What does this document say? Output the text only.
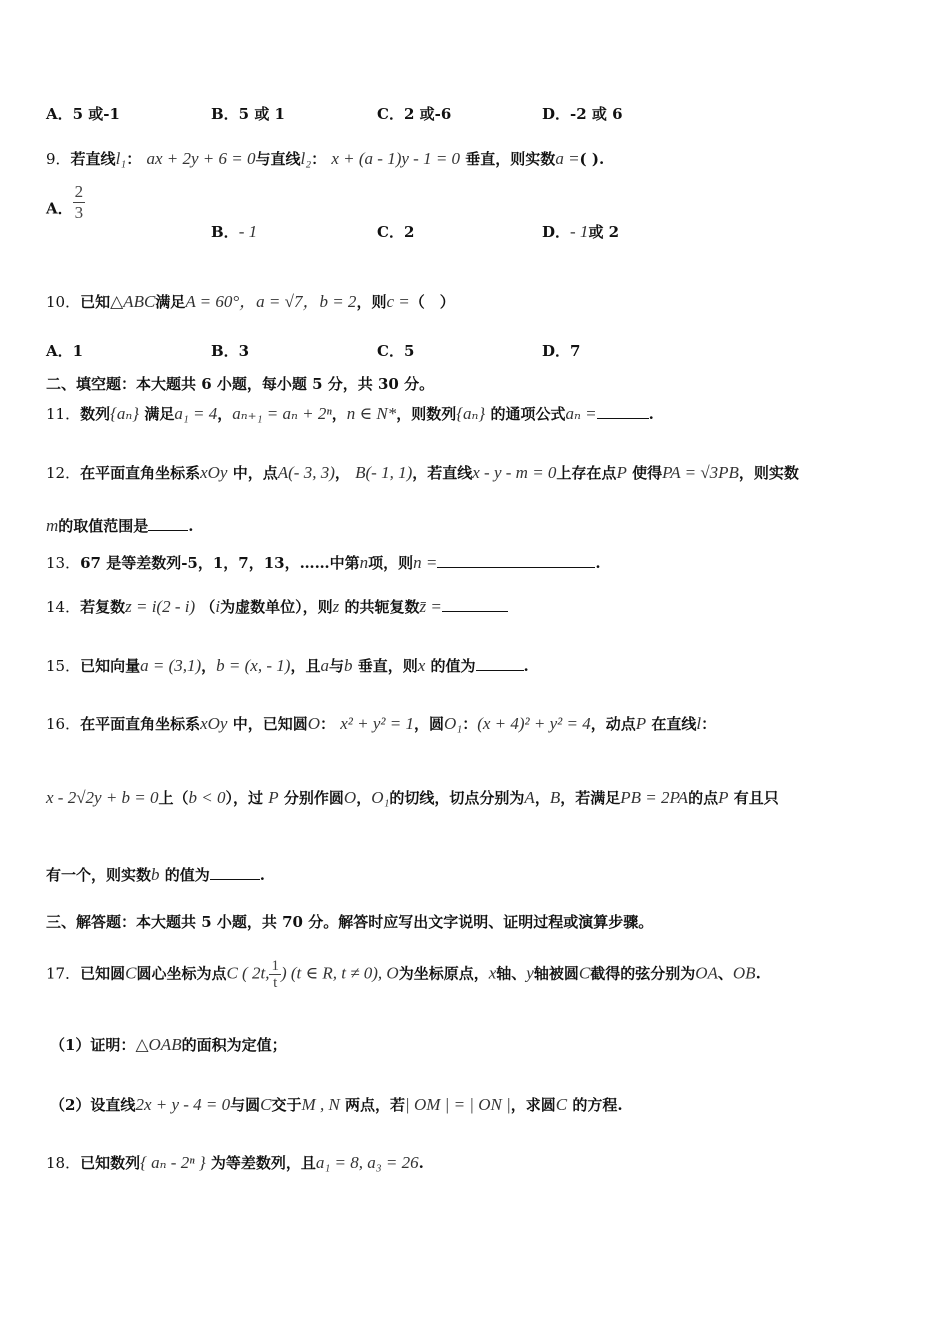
A．5 或-1	B．5 或 1	C．2 或-6	D．-2 或 6
9．若直线l₁： ax + 2y + 6 = 0与直线l₂： x + (a - 1)y - 1 = 0 垂直，则实数a =( ).
A． $\frac{2}{3}$
B．- 1	C．2	D．- 1或 2
10．已知△ABC满足A = 60°，a = √7，b = 2，则c =（　）
A．1	B．3	C．5	D．7
二、填空题：本大题共 6 小题，每小题 5 分，共 30 分。
11．数列{aₙ} 满足a₁ = 4，aₙ₊₁ = aₙ + 2ⁿ，n ∈ N*，则数列{aₙ} 的通项公式aₙ =	.
12．在平面直角坐标系xOy 中，点A(- 3, 3)， B(- 1, 1)，若直线x - y - m = 0上存在点P 使得PA = √3PB，则实数
m的取值范围是	.
13．67 是等差数列-5，1，7，13，……中第n项，则n =	.
14．若复数z = i(2 - i) （i为虚数单位），则z 的共轭复数z̄ =
15．已知向量a = (3,1)，b = (x, - 1)，且a与b 垂直，则x 的值为	.
16．在平面直角坐标系xOy 中，已知圆O： x² + y² = 1，圆O₁：(x + 4)² + y² = 4，动点P 在直线l：
x - 2√2y + b = 0上（b < 0），过 P 分别作圆O，O₁的切线，切点分别为A，B，若满足PB = 2PA的点P 有且只
有一个，则实数b 的值为	.
三、解答题：本大题共 5 小题，共 70 分。解答时应写出文字说明、证明过程或演算步骤。
17．已知圆C圆心坐标为点C ( 2t, $\frac{1}{t}$ ) (t ∈ R, t ≠ 0), O为坐标原点，x轴、y轴被圆C截得的弦分别为OA、OB.
（1）证明：△OAB的面积为定值；
（2）设直线2x + y - 4 = 0与圆C交于M , N 两点，若| OM | = | ON |，求圆C 的方程.
18．已知数列{ aₙ - 2ⁿ } 为等差数列，且a₁ = 8, a₃ = 26.
